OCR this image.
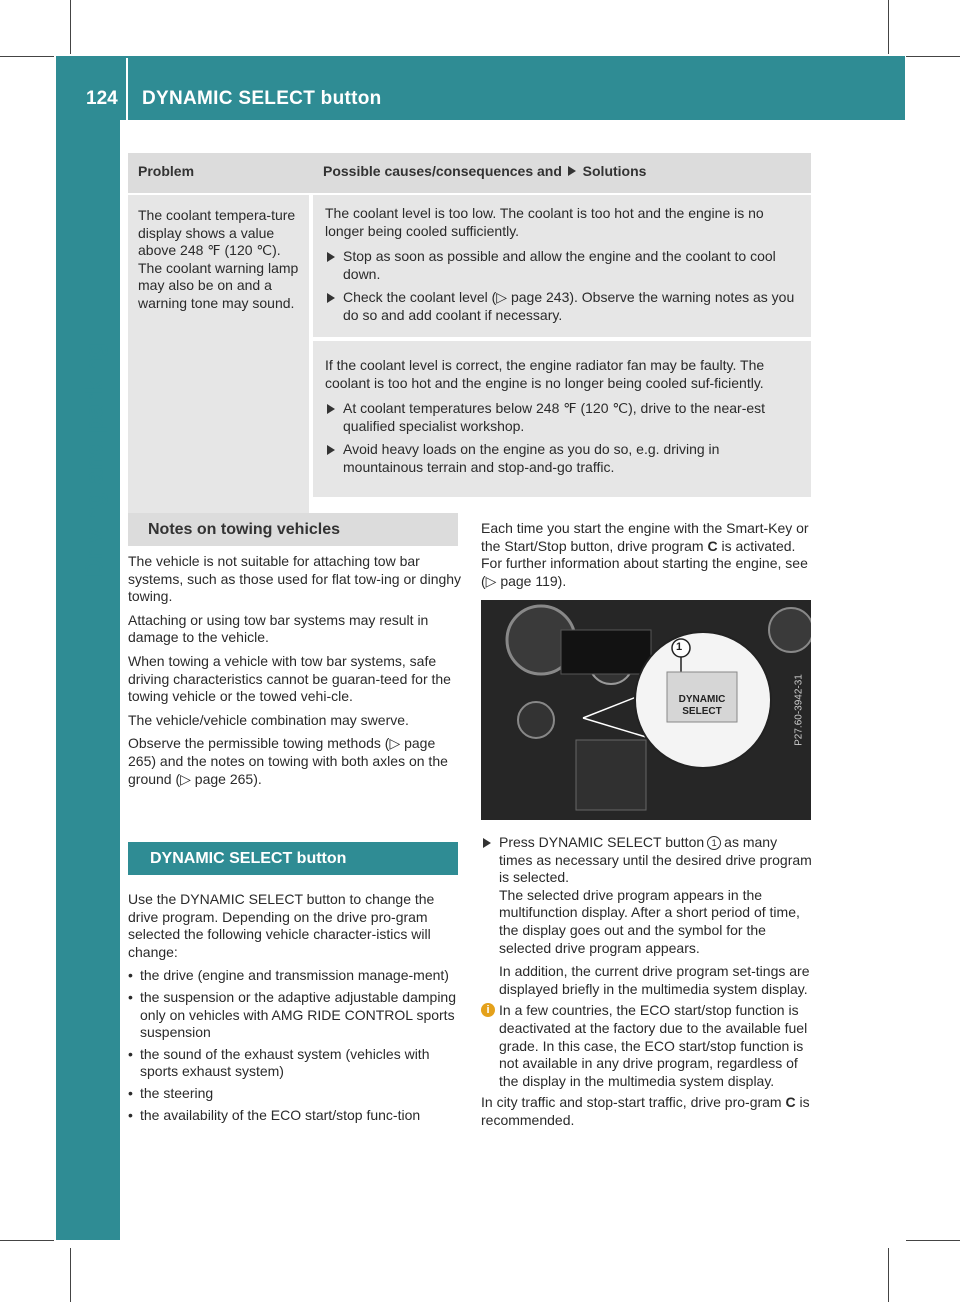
124 DYNAMIC SELECT button
Driving and parking
Problem	Possible causes/consequences and Solutions
The coolant tempera-ture display shows a value above 248 ℉ (120 ℃). The coolant warning lamp may also be on and a warning tone may sound.

The coolant level is too low. The coolant is too hot and the engine is no longer being cooled sufficiently.

Stop as soon as possible and allow the engine and the coolant to cool down.
Check the coolant level (▷ page 243). Observe the warning notes as you do so and add coolant if necessary.

If the coolant level is correct, the engine radiator fan may be faulty. The coolant is too hot and the engine is no longer being cooled suf-ficiently.

At coolant temperatures below 248 ℉ (120 ℃), drive to the near-est qualified specialist workshop.
Avoid heavy loads on the engine as you do so, e.g. driving in mountainous terrain and stop-and-go traffic.
Notes on towing vehicles

The vehicle is not suitable for attaching tow bar systems, such as those used for flat tow-ing or dinghy towing.

Attaching or using tow bar systems may result in damage to the vehicle.

When towing a vehicle with tow bar systems, safe driving characteristics cannot be guaran-teed for the towing vehicle or the towed vehi-cle.

The vehicle/vehicle combination may swerve.

Observe the permissible towing methods (▷ page 265) and the notes on towing with both axles on the ground (▷ page 265).

DYNAMIC SELECT button

Use the DYNAMIC SELECT button to change the drive program. Depending on the drive pro-gram selected the following vehicle character-istics will change:

• the drive (engine and transmission manage-ment)
• the suspension or the adaptive adjustable damping only on vehicles with AMG RIDE CONTROL sports suspension
• the sound of the exhaust system (vehicles with sports exhaust system)
• the steering
• the availability of the ECO start/stop func-tion

Each time you start the engine with the Smart-Key or the Start/Stop button, drive program C is activated. For further information about starting the engine, see (▷ page 119).

1
DYNAMIC
SELECT	P27.60-3942-31
Press DYNAMIC SELECT button 1 as many times as necessary until the desired drive program is selected.
The selected drive program appears in the multifunction display. After a short period of time, the display goes out and the symbol for the selected drive program appears.
In addition, the current drive program set-tings are displayed briefly in the multimedia system display.
i In a few countries, the ECO start/stop function is deactivated at the factory due to the available fuel grade. In this case, the ECO start/stop function is not available in any drive program, regardless of the display in the multimedia system display.

In city traffic and stop-start traffic, drive pro-gram C is recommended.
